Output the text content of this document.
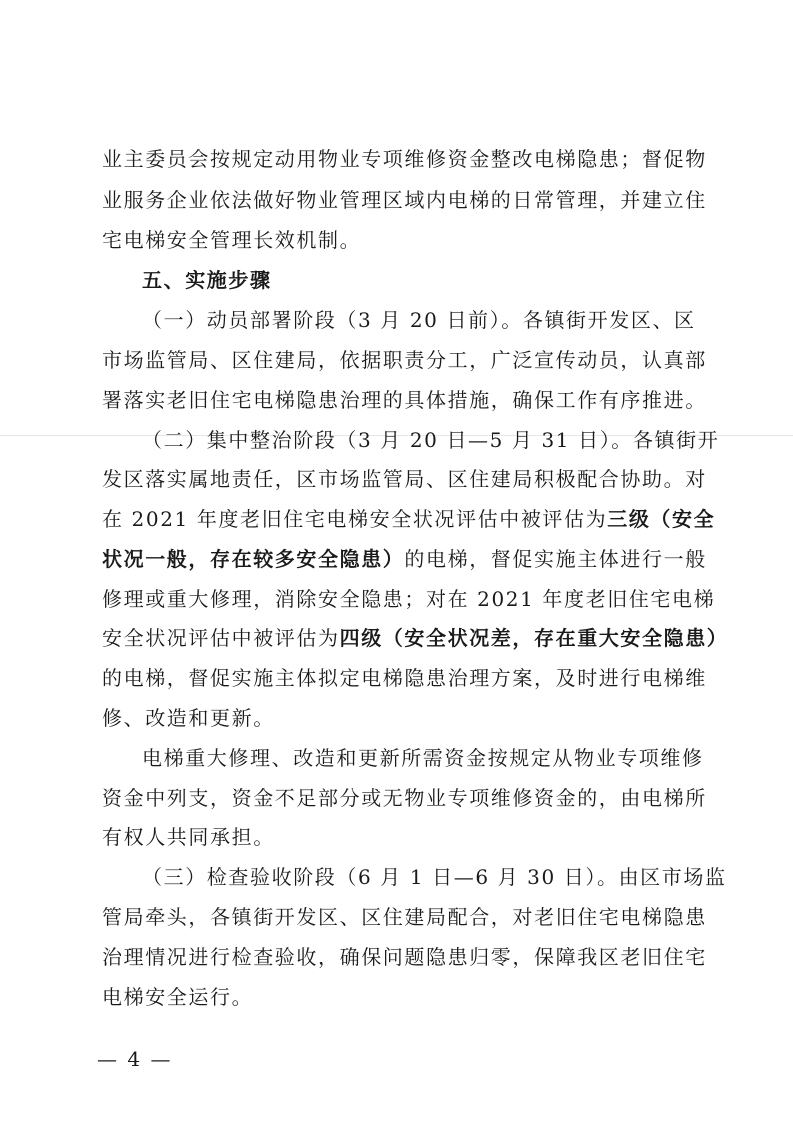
业主委员会按规定动用物业专项维修资金整改电梯隐患；督促物
业服务企业依法做好物业管理区域内电梯的日常管理，并建立住
宅电梯安全管理长效机制。
五、实施步骤
（一）动员部署阶段（3 月 20 日前）。各镇街开发区、区
市场监管局、区住建局，依据职责分工，广泛宣传动员，认真部
署落实老旧住宅电梯隐患治理的具体措施，确保工作有序推进。
（二）集中整治阶段（3 月 20 日—5 月 31 日）。各镇街开
发区落实属地责任，区市场监管局、区住建局积极配合协助。对
在 2021 年度老旧住宅电梯安全状况评估中被评估为三级（安全
状况一般，存在较多安全隐患）的电梯，督促实施主体进行一般
修理或重大修理，消除安全隐患；对在 2021 年度老旧住宅电梯
安全状况评估中被评估为四级（安全状况差，存在重大安全隐患）
的电梯，督促实施主体拟定电梯隐患治理方案，及时进行电梯维
修、改造和更新。
电梯重大修理、改造和更新所需资金按规定从物业专项维修
资金中列支，资金不足部分或无物业专项维修资金的，由电梯所
有权人共同承担。
（三）检查验收阶段（6 月 1 日—6 月 30 日）。由区市场监
管局牵头，各镇街开发区、区住建局配合，对老旧住宅电梯隐患
治理情况进行检查验收，确保问题隐患归零，保障我区老旧住宅
电梯安全运行。
— 4 —
